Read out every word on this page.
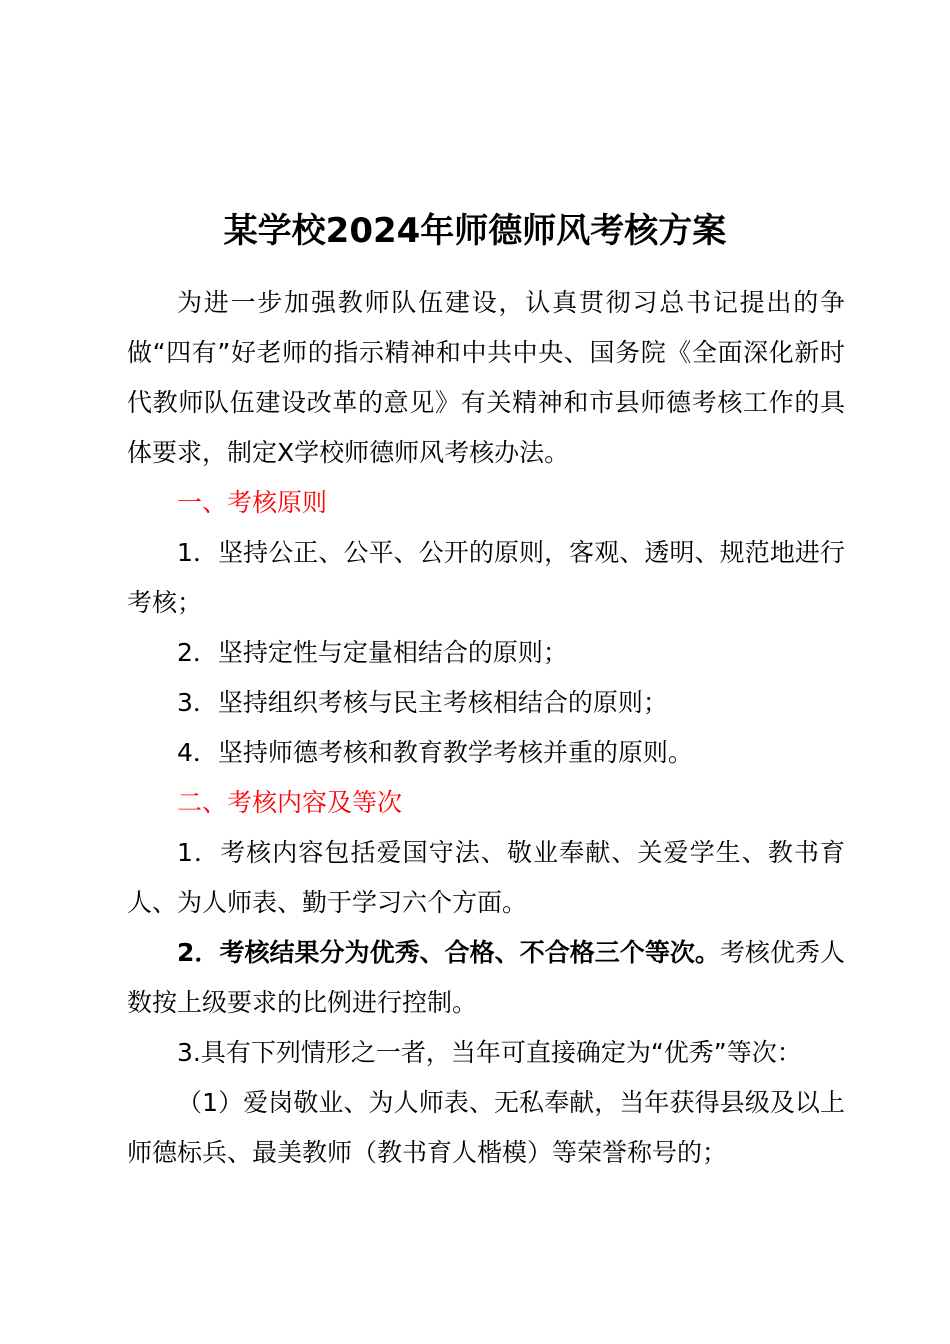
某学校2024年师德师风考核方案

为进一步加强教师队伍建设，认真贯彻习总书记提出的争做“四有”好老师的指示精神和中共中央、国务院《全面深化新时代教师队伍建设改革的意见》有关精神和市县师德考核工作的具体要求，制定X学校师德师风考核办法。

一、考核原则

1．坚持公正、公平、公开的原则，客观、透明、规范地进行考核；

2．坚持定性与定量相结合的原则；

3．坚持组织考核与民主考核相结合的原则；

4．坚持师德考核和教育教学考核并重的原则。

二、考核内容及等次

1．考核内容包括爱国守法、敬业奉献、关爱学生、教书育人、为人师表、勤于学习六个方面。

2．考核结果分为优秀、合格、不合格三个等次。考核优秀人数按上级要求的比例进行控制。

3.具有下列情形之一者，当年可直接确定为“优秀”等次：

（1）爱岗敬业、为人师表、无私奉献，当年获得县级及以上师德标兵、最美教师（教书育人楷模）等荣誉称号的；
